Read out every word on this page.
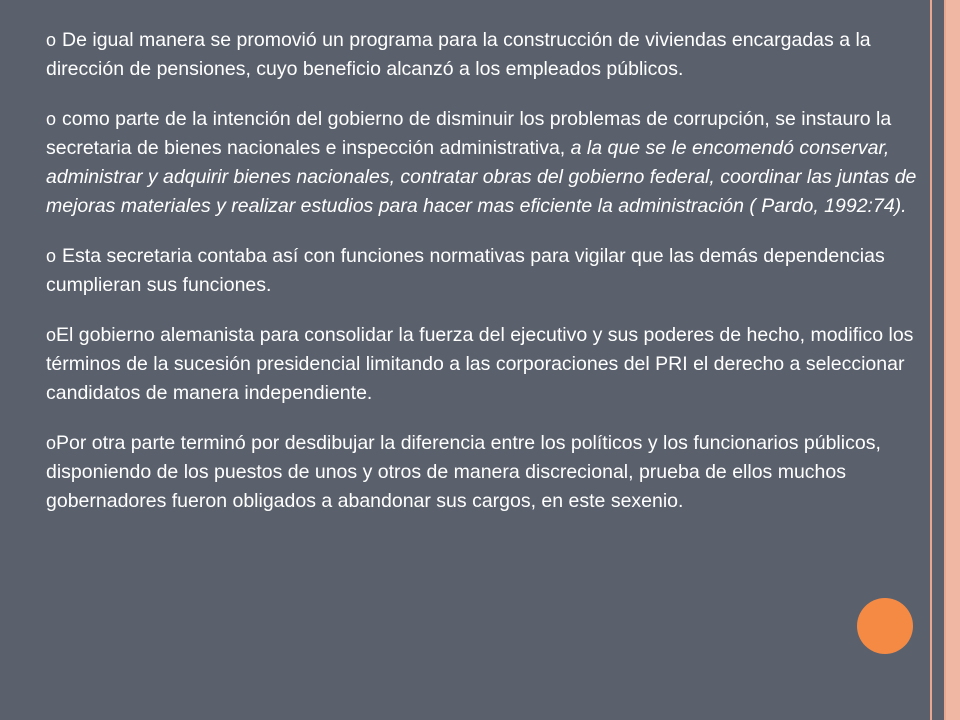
o De igual manera se promovió un programa para la construcción de viviendas encargadas a la dirección de pensiones, cuyo beneficio alcanzó a los empleados públicos.

o como parte de la intención del gobierno de disminuir los problemas de corrupción, se instauro la secretaria de bienes nacionales e inspección administrativa, a la que se le encomendó conservar, administrar y adquirir bienes nacionales, contratar obras del gobierno federal, coordinar las juntas de mejoras materiales y realizar estudios para hacer mas eficiente la administración ( Pardo, 1992:74).

o Esta secretaria contaba así con funciones normativas para vigilar que las demás dependencias cumplieran sus funciones.

oEl gobierno alemanista para consolidar la fuerza del ejecutivo y sus poderes de hecho, modifico los términos de la sucesión presidencial limitando a las corporaciones del PRI el derecho a seleccionar candidatos de manera independiente.

oPor otra parte terminó por desdibujar la diferencia entre los políticos y los funcionarios públicos, disponiendo de los puestos de unos y otros de manera discrecional, prueba de ellos muchos gobernadores fueron obligados a abandonar sus cargos, en este sexenio.
